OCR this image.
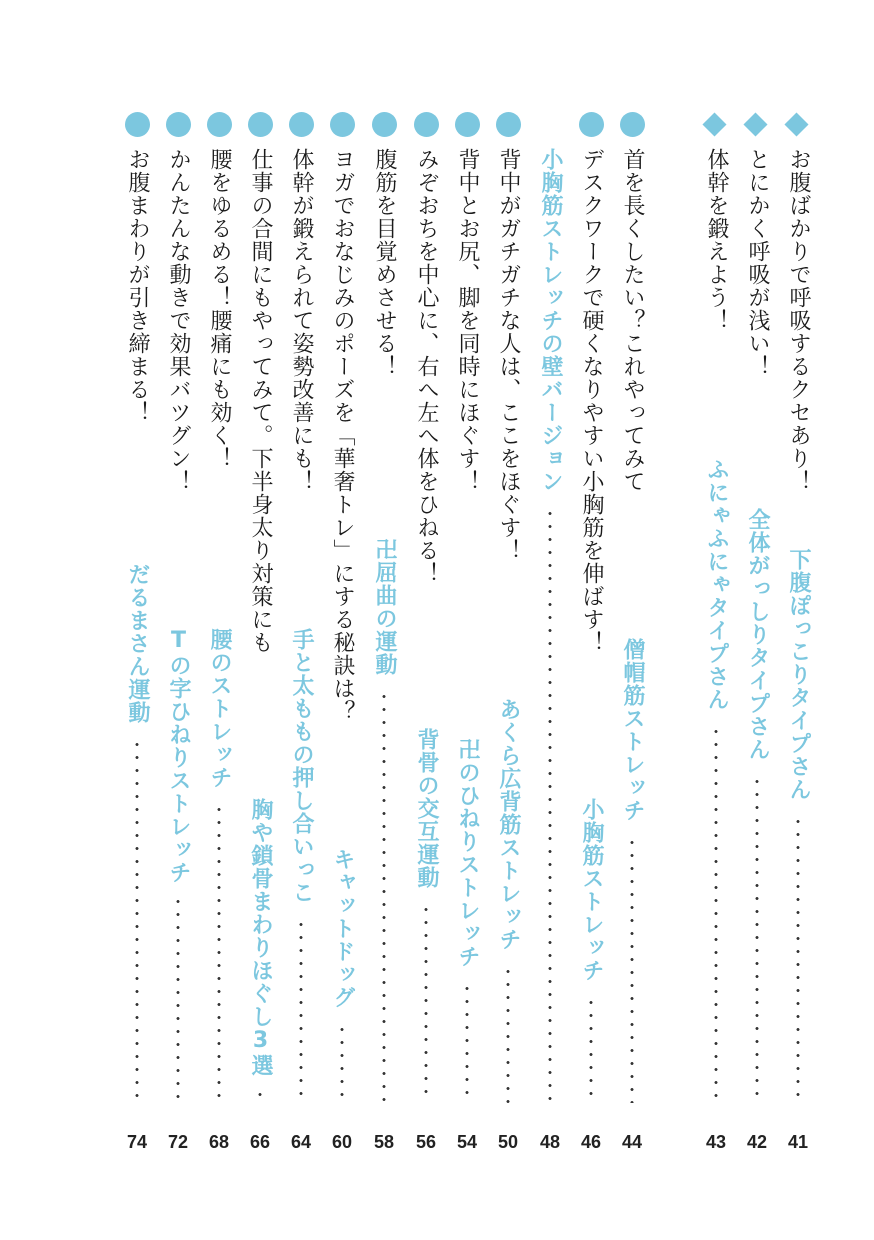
お腹ばかりで呼吸するクセあり！
下腹ぽっこりタイプさん
41
とにかく呼吸が浅い！
全体がっしりタイプさん
42
体幹を鍛えよう！
ふにゃふにゃタイプさん
43
首を長くしたい？これやってみて
僧帽筋ストレッチ
44
デスクワークで硬くなりやすい小胸筋を伸ばす！
小胸筋ストレッチ
46
小胸筋ストレッチの壁バージョン
48
背中がガチガチな人は、ここをほぐす！
あくら広背筋ストレッチ
50
背中とお尻、脚を同時にほぐす！
卍のひねりストレッチ
54
みぞおちを中心に、右へ左へ体をひねる！
背骨の交互運動
56
腹筋を目覚めさせる！
卍屈曲の運動
58
ヨガでおなじみのポーズを「華奢トレ」にする秘訣は？
キャットドッグ
60
体幹が鍛えられて姿勢改善にも！
手と太ももの押し合いっこ
64
仕事の合間にもやってみて。下半身太り対策にも
胸や鎖骨まわりほぐし3選
66
腰をゆるめる！腰痛にも効く！
腰のストレッチ
68
かんたんな動きで効果バツグン！
Tの字ひねりストレッチ
72
お腹まわりが引き締まる！
だるまさん運動
74
